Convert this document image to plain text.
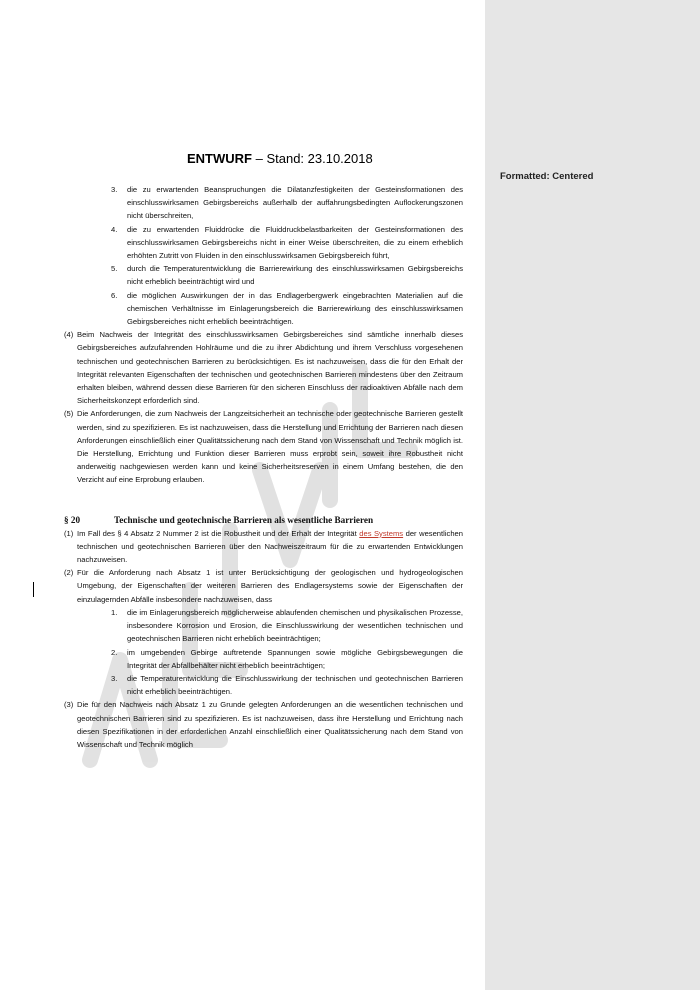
Formatted: Centered
ENTWURF – Stand: 23.10.2018
3.	die zu erwartenden Beanspruchungen die Dilatanzfestigkeiten der Gesteinsformationen des einschlusswirksamen Gebirgsbereichs außerhalb der auffahrungsbedingten Auflockerungszonen nicht überschreiten,
4.	die zu erwartenden Fluiddrücke die Fluiddruckbelastbarkeiten der Gesteinsformationen des einschlusswirksamen Gebirgsbereichs nicht in einer Weise überschreiten, die zu einem erheblich erhöhten Zutritt von Fluiden in den einschlusswirksamen Gebirgsbereich führt,
5.	durch die Temperaturentwicklung die Barrierewirkung des einschlusswirksamen Gebirgsbereichs nicht erheblich beeinträchtigt wird und
6.	die möglichen Auswirkungen der in das Endlagerbergwerk eingebrachten Materialien auf die chemischen Verhältnisse im Einlagerungsbereich die Barrierewirkung des einschlusswirksamen Gebirgsbereiches nicht erheblich beeinträchtigen.
(4) Beim Nachweis der Integrität des einschlusswirksamen Gebirgsbereiches sind sämtliche innerhalb dieses Gebirgsbereiches aufzufahrenden Hohlräume und die zu ihrer Abdichtung und ihrem Verschluss vorgesehenen technischen und geotechnischen Barrieren zu berücksichtigen. Es ist nachzuweisen, dass die für den Erhalt der Integrität relevanten Eigenschaften der technischen und geotechnischen Barrieren mindestens über den Zeitraum erhalten bleiben, während dessen diese Barrieren für den sicheren Einschluss der radioaktiven Abfälle nach dem Sicherheitskonzept erforderlich sind.
(5) Die Anforderungen, die zum Nachweis der Langzeitsicherheit an technische oder geotechnische Barrieren gestellt werden, sind zu spezifizieren. Es ist nachzuweisen, dass die Herstellung und Errichtung der Barrieren nach diesen Anforderungen einschließlich einer Qualitätssicherung nach dem Stand von Wissenschaft und Technik möglich ist. Die Herstellung, Errichtung und Funktion dieser Barrieren muss erprobt sein, soweit ihre Robustheit nicht anderweitig nachgewiesen werden kann und keine Sicherheitsreserven in einem Umfang bestehen, die den Verzicht auf eine Erprobung erlauben.
§ 20	Technische und geotechnische Barrieren als wesentliche Barrieren
(1) Im Fall des § 4 Absatz 2 Nummer 2 ist die Robustheit und der Erhalt der Integrität des Systems der wesentlichen technischen und geotechnischen Barrieren über den Nachweiszeitraum für die zu erwartenden Entwicklungen nachzuweisen.
(2) Für die Anforderung nach Absatz 1 ist unter Berücksichtigung der geologischen und hydrogeologischen Umgebung, der Eigenschaften der weiteren Barrieren des Endlagersystems sowie der Eigenschaften der einzulagernden Abfälle insbesondere nachzuweisen, dass
1.	die im Einlagerungsbereich möglicherweise ablaufenden chemischen und physikalischen Prozesse, insbesondere Korrosion und Erosion, die Einschlusswirkung der wesentlichen technischen und geotechnischen Barrieren nicht erheblich beeinträchtigen;
2.	im umgebenden Gebirge auftretende Spannungen sowie mögliche Gebirgsbewegungen die Integrität der Abfallbehälter nicht erheblich beeinträchtigen;
3.	die Temperaturentwicklung die Einschlusswirkung der technischen und geotechnischen Barrieren nicht erheblich beeinträchtigen.
(3) Die für den Nachweis nach Absatz 1 zu Grunde gelegten Anforderungen an die wesentlichen technischen und geotechnischen Barrieren sind zu spezifizieren. Es ist nachzuweisen, dass ihre Herstellung und Errichtung nach diesen Spezifikationen in der erforderlichen Anzahl einschließlich einer Qualitätssicherung nach dem Stand von Wissenschaft und Technik möglich
